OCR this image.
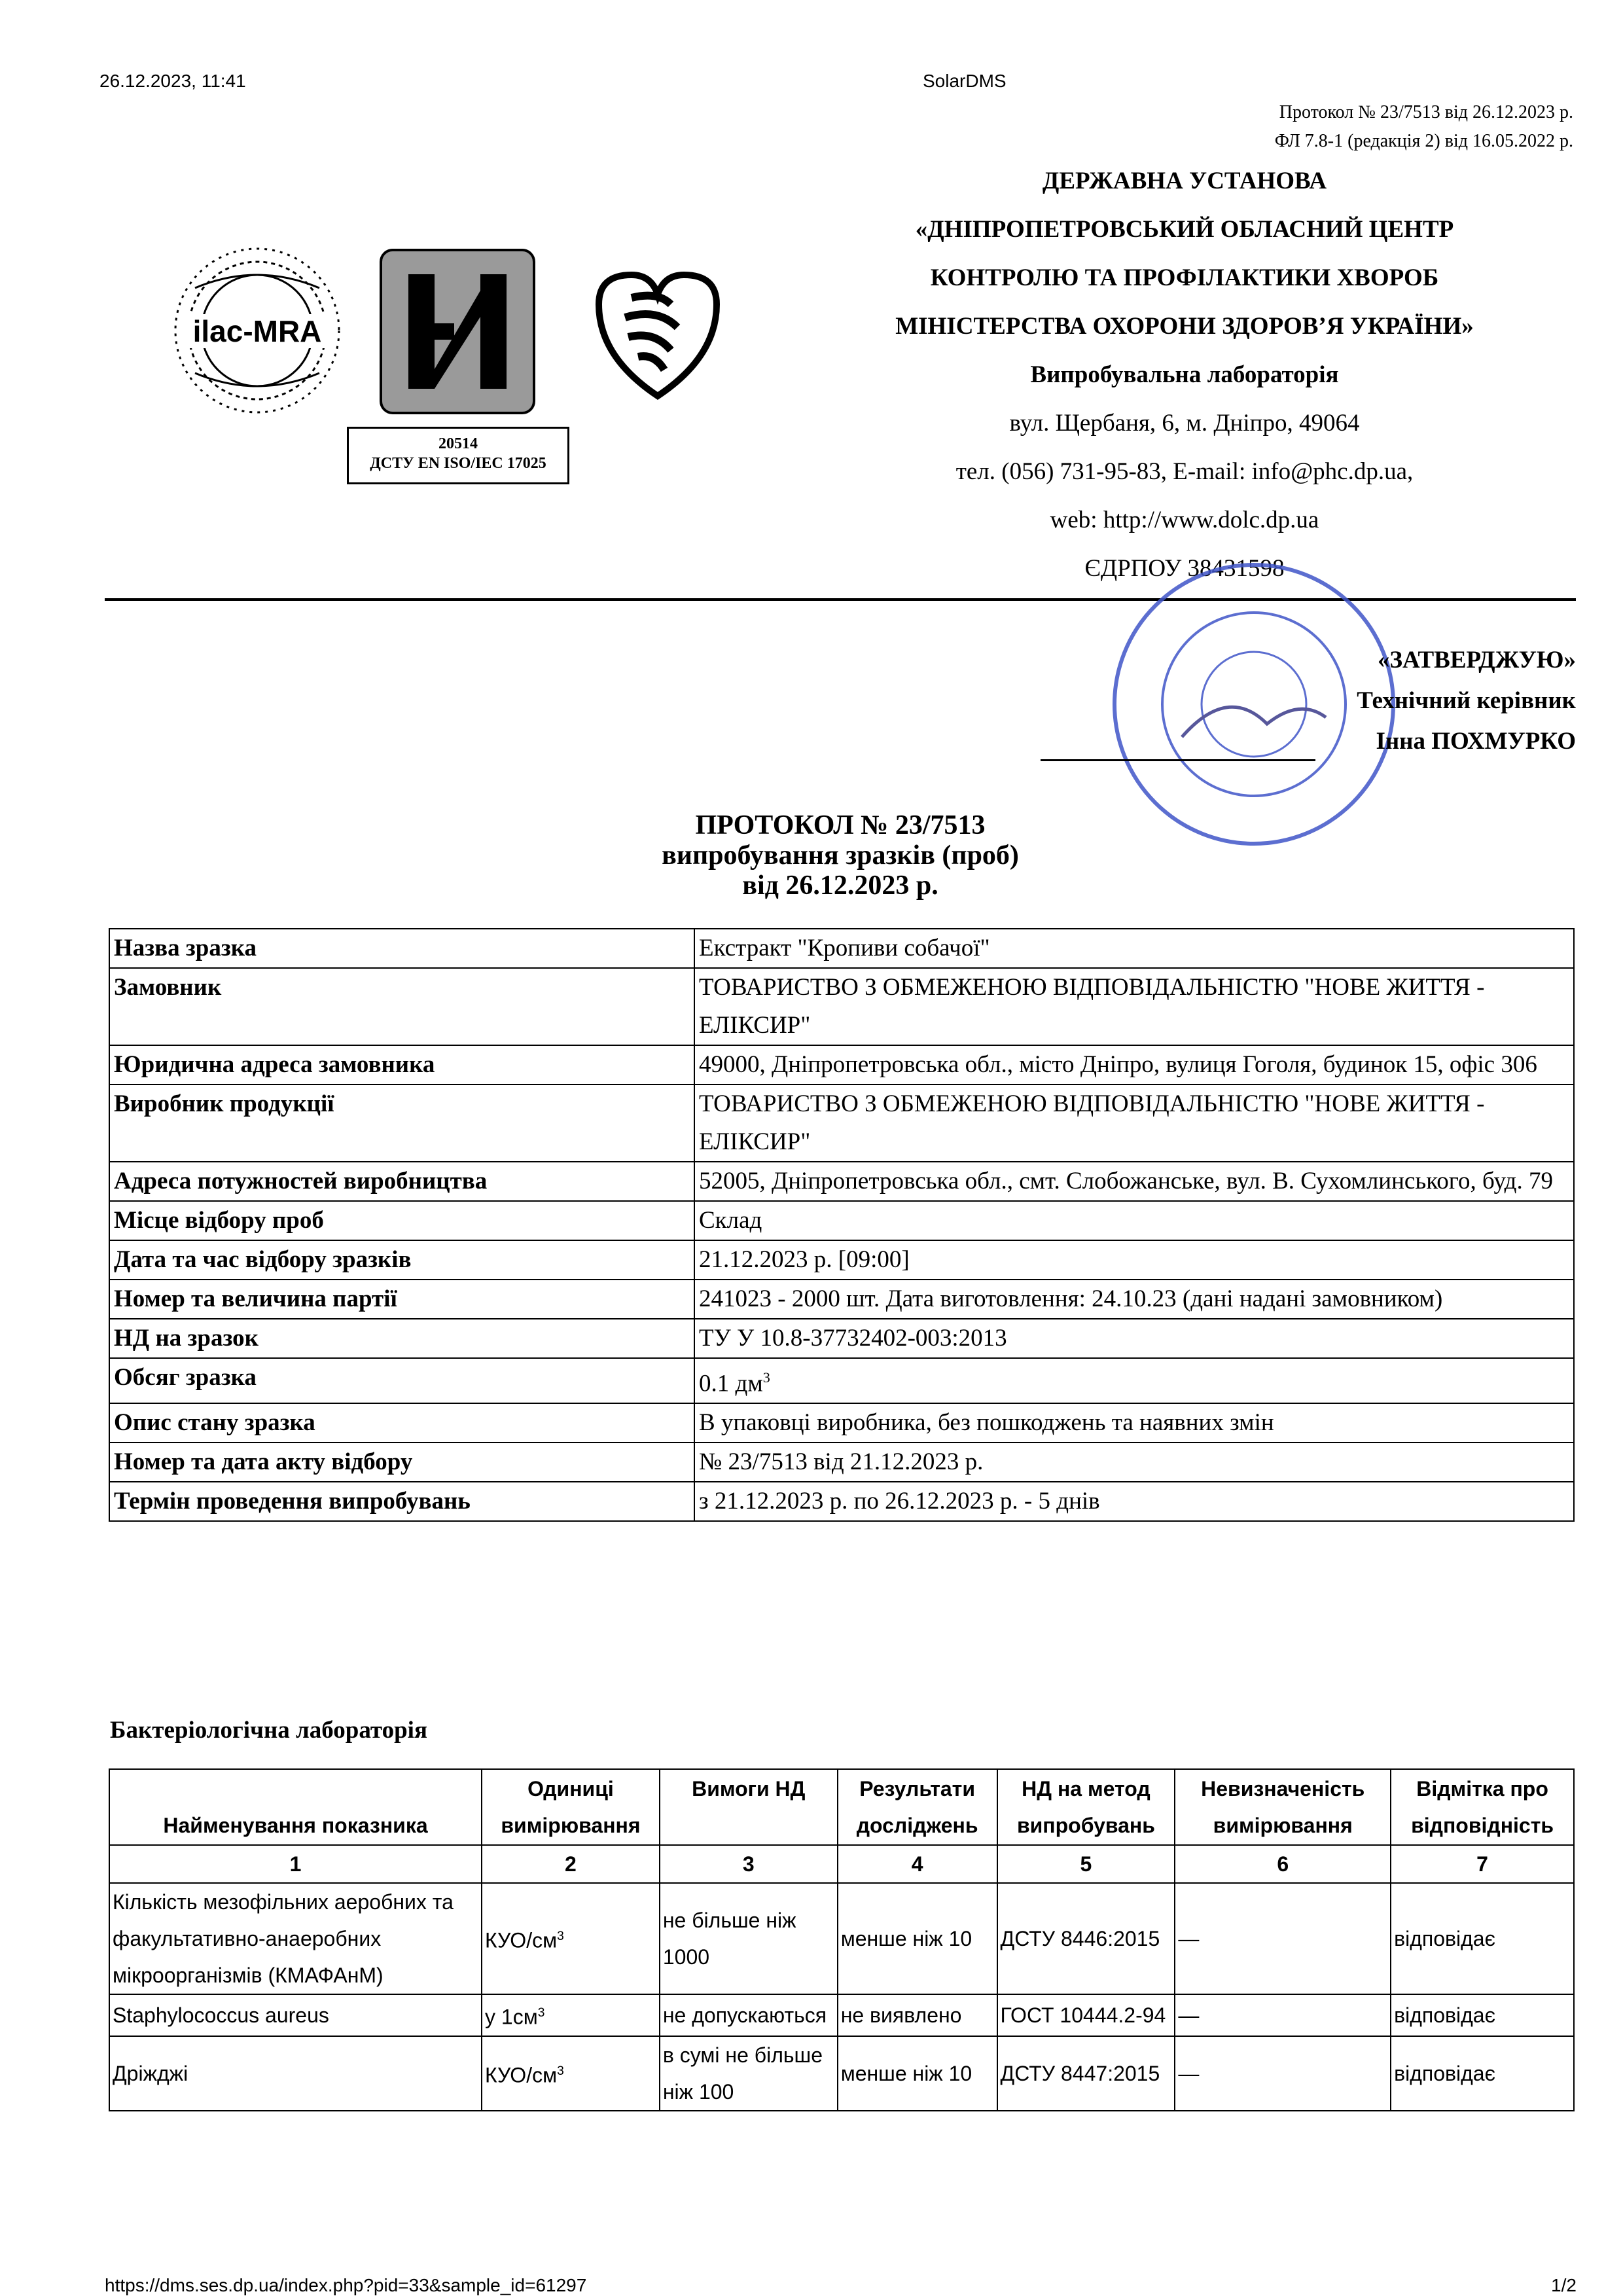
26.12.2023, 11:41	SolarDMS
Протокол № 23/7513 від 26.12.2023 р.
ФЛ 7.8-1 (редакція 2) від 16.05.2022 р.
ilac-MRA
20514
ДСТУ EN ISO/IEC 17025
ДЕРЖАВНА УСТАНОВА
«ДНІПРОПЕТРОВСЬКИЙ ОБЛАСНИЙ ЦЕНТР
КОНТРОЛЮ ТА ПРОФІЛАКТИКИ ХВОРОБ
МІНІСТЕРСТВА ОХОРОНИ ЗДОРОВ’Я УКРАЇНИ»
Випробувальна лабораторія
вул. Щербаня, 6, м. Дніпро, 49064
тел. (056) 731-95-83, E-mail: info@phc.dp.ua,
web: http://www.dolc.dp.ua
ЄДРПОУ 38431598
«ЗАТВЕРДЖУЮ»
Технічний керівник
Інна ПОХМУРКО
ПРОТОКОЛ № 23/7513
випробування зразків (проб)
від 26.12.2023 р.
Назва зразка	Екстракт "Кропиви собачої"
Замовник	ТОВАРИСТВО З ОБМЕЖЕНОЮ ВІДПОВІДАЛЬНІСТЮ "НОВЕ ЖИТТЯ - ЕЛІКСИР"
Юридична адреса замовника	49000, Дніпропетровська обл., місто Дніпро, вулиця Гоголя, будинок 15, офіс 306
Виробник продукції	ТОВАРИСТВО З ОБМЕЖЕНОЮ ВІДПОВІДАЛЬНІСТЮ "НОВЕ ЖИТТЯ - ЕЛІКСИР"
Адреса потужностей виробництва	52005, Дніпропетровська обл., смт. Слобожанське, вул. В. Сухомлинського, буд. 79
Місце відбору проб	Склад
Дата та час відбору зразків	21.12.2023 р. [09:00]
Номер та величина партії	241023 - 2000 шт. Дата виготовлення: 24.10.23 (дані надані замовником)
НД на зразок	ТУ У 10.8-37732402-003:2013
Обсяг зразка	0.1 $дм^3$
Опис стану зразка	В упаковці виробника, без пошкоджень та наявних змін
Номер та дата акту відбору	№ 23/7513 від 21.12.2023 р.
Термін проведення випробувань	з 21.12.2023 р. по 26.12.2023 р. - 5 днів
Бактеріологічна лабораторія
Найменування показника	Одиниці вимірювання	Вимоги НД	Результати досліджень	НД на метод випробувань	Невизначеність вимірювання	Відмітка про відповідність
1	2	3	4	5	6	7
Кількість мезофільних аеробних та факультативно-анаеробних мікроорганізмів (КМАФАнМ)	КУО/$см^3$	не більше ніж 1000	менше ніж 10	ДСТУ 8446:2015	—	відповідає
Staphylococcus aureus	у $1см^3$	не допускаються	не виявлено	ГОСТ 10444.2-94	—	відповідає
Дріжджі	КУО/$см^3$	в сумі не більше ніж 100	менше ніж 10	ДСТУ 8447:2015	—	відповідає
https://dms.ses.dp.ua/index.php?pid=33&sample_id=61297	1/2
